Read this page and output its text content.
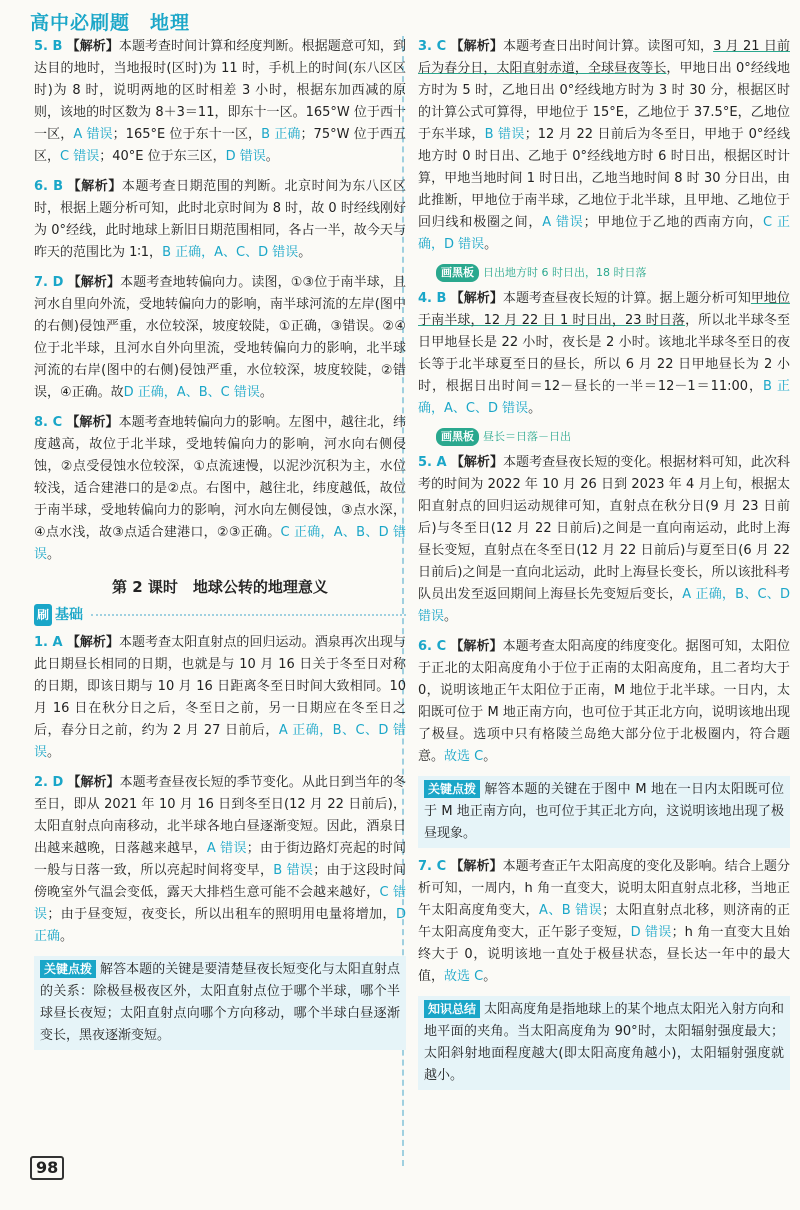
高中必刷题　地理

5. B 【解析】本题考查时间计算和经度判断。根据题意可知，到达目的地时，当地报时(区时)为 11 时，手机上的时间(东八区区时)为 8 时，说明两地的区时相差 3 小时，根据东加西减的原则，该地的时区数为 8＋3＝11，即东十一区。165°W 位于西十一区，A 错误；165°E 位于东十一区，B 正确；75°W 位于西五区，C 错误；40°E 位于东三区，D 错误。

6. B 【解析】本题考查日期范围的判断。北京时间为东八区区时，根据上题分析可知，此时北京时间为 8 时，故 0 时经线刚好为 0°经线，此时地球上新旧日期范围相同，各占一半，故今天与昨天的范围比为 1∶1，B 正确，A、C、D 错误。

7. D 【解析】本题考查地转偏向力。读图，①③位于南半球，且河水自里向外流，受地转偏向力的影响，南半球河流的左岸(图中的右侧)侵蚀严重，水位较深，坡度较陡，①正确，③错误。②④位于北半球，且河水自外向里流，受地转偏向力的影响，北半球河流的右岸(图中的右侧)侵蚀严重，水位较深，坡度较陡，②错误，④正确。故D 正确，A、B、C 错误。

8. C 【解析】本题考查地转偏向力的影响。左图中，越往北，纬度越高，故位于北半球，受地转偏向力的影响，河水向右侧侵蚀，②点受侵蚀水位较深，①点流速慢，以泥沙沉积为主，水位较浅，适合建港口的是②点。右图中，越往北，纬度越低，故位于南半球，受地转偏向力的影响，河水向左侧侵蚀，③点水深，④点水浅，故③点适合建港口，②③正确。C 正确，A、B、D 错误。

第 2 课时　地球公转的地理意义
刷 基础

1. A 【解析】本题考查太阳直射点的回归运动。酒泉再次出现与此日期昼长相同的日期，也就是与 10 月 16 日关于冬至日对称的日期，即该日期与 10 月 16 日距离冬至日时间大致相同。10 月 16 日在秋分日之后，冬至日之前，另一日期应在冬至日之后，春分日之前，约为 2 月 27 日前后，A 正确，B、C、D 错误。

2. D 【解析】本题考查昼夜长短的季节变化。从此日到当年的冬至日，即从 2021 年 10 月 16 日到冬至日(12 月 22 日前后)，太阳直射点向南移动，北半球各地白昼逐渐变短。因此，酒泉日出越来越晚，日落越来越早，A 错误；由于街边路灯亮起的时间一般与日落一致，所以亮起时间将变早，B 错误；由于这段时间傍晚室外气温会变低，露天大排档生意可能不会越来越好，C 错误；由于昼变短，夜变长，所以出租车的照明用电量将增加，D 正确。

关键点拨 解答本题的关键是要清楚昼夜长短变化与太阳直射点的关系：除极昼极夜区外，太阳直射点位于哪个半球，哪个半球昼长夜短；太阳直射点向哪个方向移动，哪个半球白昼逐渐变长，黑夜逐渐变短。

3. C 【解析】本题考查日出时间计算。读图可知，3 月 21 日前后为春分日，太阳直射赤道，全球昼夜等长，甲地日出 0°经线地方时为 5 时，乙地日出 0°经线地方时为 3 时 30 分，根据区时的计算公式可算得，甲地位于 15°E，乙地位于 37.5°E，乙地位于东半球，B 错误；12 月 22 日前后为冬至日，甲地于 0°经线地方时 0 时日出、乙地于 0°经线地方时 6 时日出，根据区时计算，甲地当地时间 1 时日出，乙地当地时间 8 时 30 分日出，由此推断，甲地位于南半球，乙地位于北半球，且甲地、乙地位于回归线和极圈之间，A 错误；甲地位于乙地的西南方向，C 正确，D 错误。

画黑板 日出地方时 6 时日出，18 时日落

4. B 【解析】本题考查昼夜长短的计算。据上题分析可知甲地位于南半球，12 月 22 日 1 时日出，23 时日落，所以北半球冬至日甲地昼长是 22 小时，夜长是 2 小时。该地北半球冬至日的夜长等于北半球夏至日的昼长，所以 6 月 22 日甲地昼长为 2 小时，根据日出时间＝12－昼长的一半＝12－1＝11:00，B 正确，A、C、D 错误。

画黑板 昼长＝日落－日出

5. A 【解析】本题考查昼夜长短的变化。根据材料可知，此次科考的时间为 2022 年 10 月 26 日到 2023 年 4 月上旬，根据太阳直射点的回归运动规律可知，直射点在秋分日(9 月 23 日前后)与冬至日(12 月 22 日前后)之间是一直向南运动，此时上海昼长变短，直射点在冬至日(12 月 22 日前后)与夏至日(6 月 22 日前后)之间是一直向北运动，此时上海昼长变长，所以该批科考队员出发至返回期间上海昼长先变短后变长，A 正确，B、C、D 错误。

6. C 【解析】本题考查太阳高度的纬度变化。据图可知，太阳位于正北的太阳高度角小于位于正南的太阳高度角，且二者均大于 0，说明该地正午太阳位于正南，M 地位于北半球。一日内，太阳既可位于 M 地正南方向，也可位于其正北方向，说明该地出现了极昼。选项中只有格陵兰岛绝大部分位于北极圈内，符合题意。故选 C。

关键点拨 解答本题的关键在于图中 M 地在一日内太阳既可位于 M 地正南方向，也可位于其正北方向，这说明该地出现了极昼现象。

7. C 【解析】本题考查正午太阳高度的变化及影响。结合上题分析可知，一周内，h 角一直变大，说明太阳直射点北移，当地正午太阳高度角变大，A、B 错误；太阳直射点北移，则济南的正午太阳高度角变大，正午影子变短，D 错误；h 角一直变大且始终大于 0，说明该地一直处于极昼状态，昼长达一年中的最大值，故选 C。

知识总结 太阳高度角是指地球上的某个地点太阳光入射方向和地平面的夹角。当太阳高度角为 90°时，太阳辐射强度最大；太阳斜射地面程度越大(即太阳高度角越小)，太阳辐射强度就越小。
98
